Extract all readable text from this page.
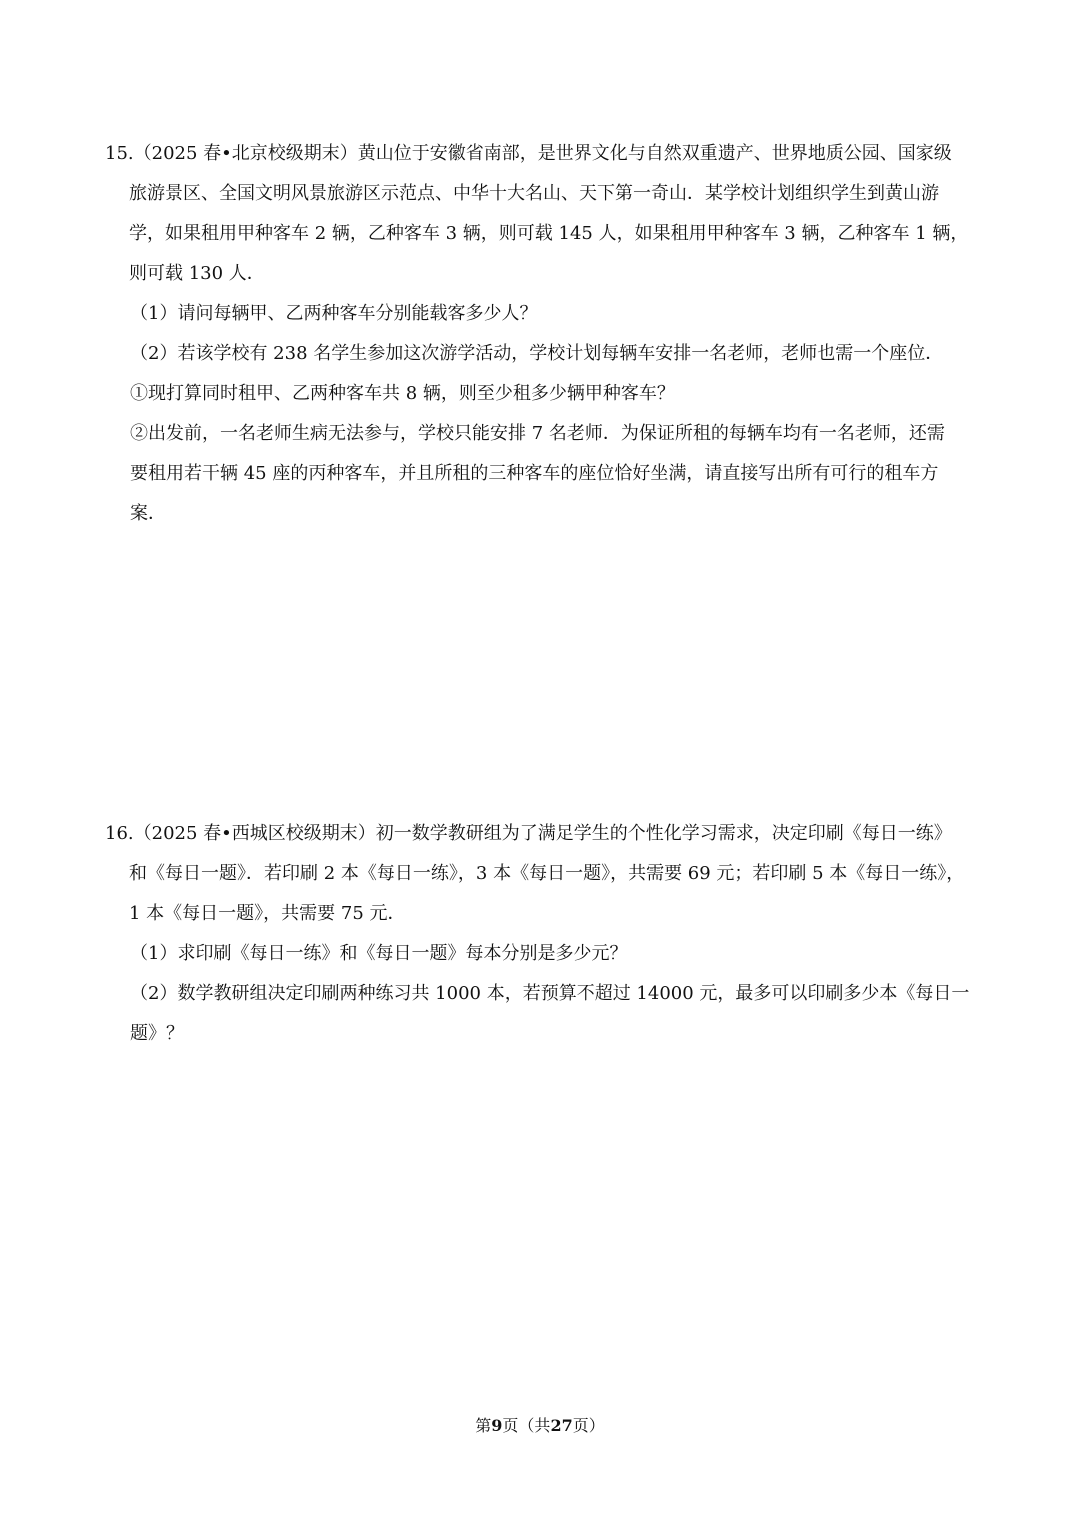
15.（2025 春•北京校级期末）黄山位于安徽省南部，是世界文化与自然双重遗产、世界地质公园、国家级
旅游景区、全国文明风景旅游区示范点、中华十大名山、天下第一奇山．某学校计划组织学生到黄山游
学，如果租用甲种客车 2 辆，乙种客车 3 辆，则可载 145 人，如果租用甲种客车 3 辆，乙种客车 1 辆，
则可载 130 人．
（1）请问每辆甲、乙两种客车分别能载客多少人？
（2）若该学校有 238 名学生参加这次游学活动，学校计划每辆车安排一名老师，老师也需一个座位．
①现打算同时租甲、乙两种客车共 8 辆，则至少租多少辆甲种客车？
②出发前，一名老师生病无法参与，学校只能安排 7 名老师．为保证所租的每辆车均有一名老师，还需
要租用若干辆 45 座的丙种客车，并且所租的三种客车的座位恰好坐满，请直接写出所有可行的租车方
案．
16.（2025 春•西城区校级期末）初一数学教研组为了满足学生的个性化学习需求，决定印刷《每日一练》
和《每日一题》．若印刷 2 本《每日一练》，3 本《每日一题》，共需要 69 元；若印刷 5 本《每日一练》，
1 本《每日一题》，共需要 75 元．
（1）求印刷《每日一练》和《每日一题》每本分别是多少元？
（2）数学教研组决定印刷两种练习共 1000 本，若预算不超过 14000 元，最多可以印刷多少本《每日一
题》？
第9页（共27页）
